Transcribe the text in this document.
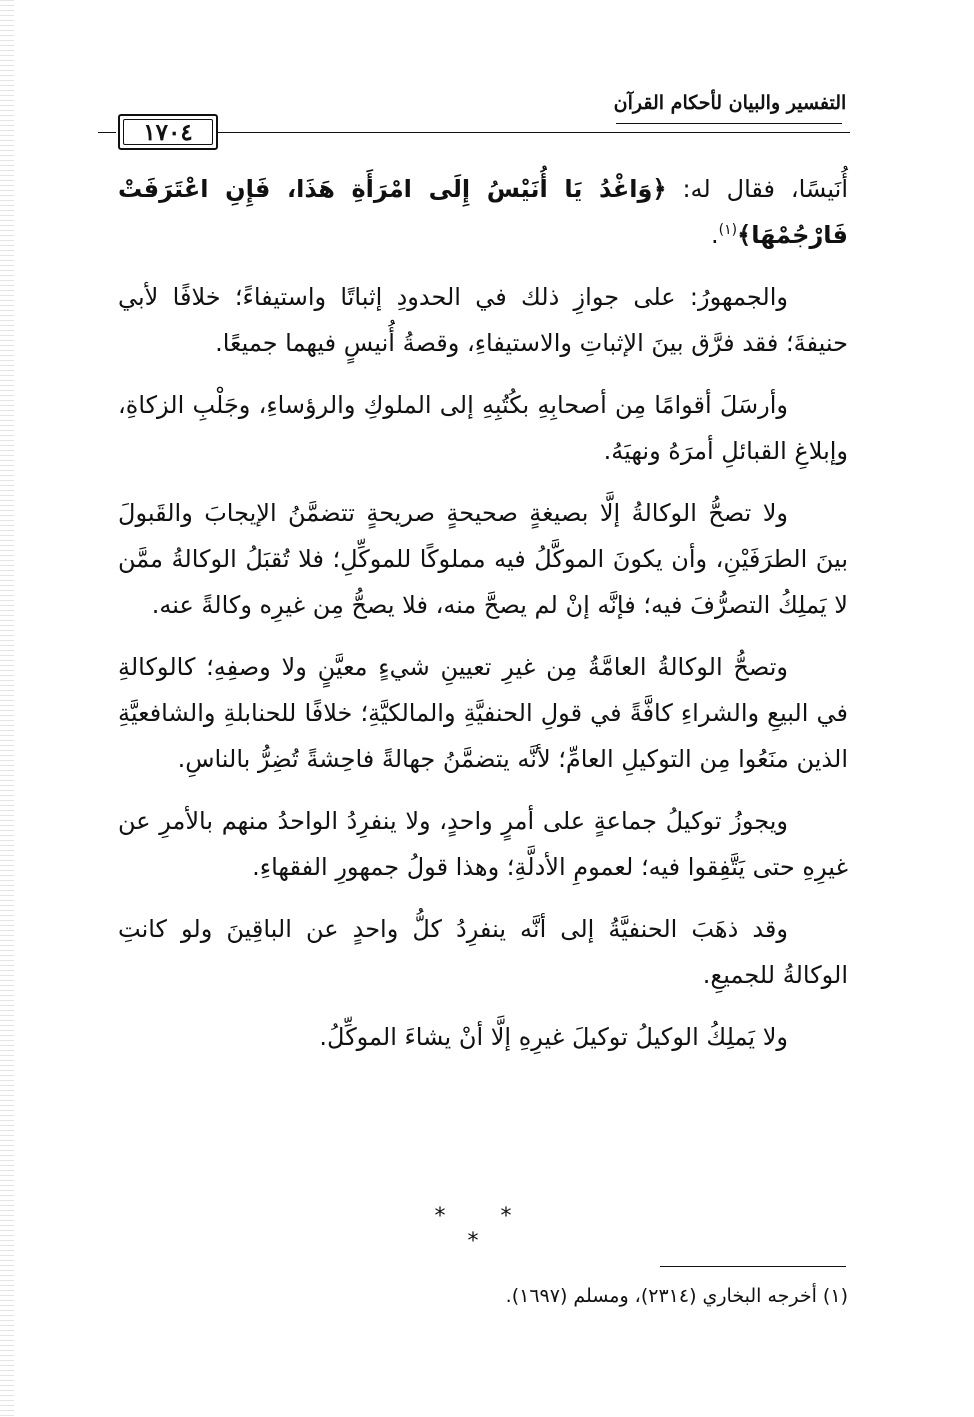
١٧٠٤
التفسير والبيان لأحكام القرآن

أُنَيسًا، فقال له: ﴿وَاغْدُ يَا أُنَيْسُ إِلَى امْرَأَةِ هَذَا، فَإِنِ اعْتَرَفَتْ فَارْجُمْهَا﴾$^{(١)}$.

والجمهورُ: على جوازِ ذلك في الحدودِ إثباتًا واستيفاءً؛ خلافًا لأبي حنيفةَ؛ فقد فرَّق بينَ الإثباتِ والاستيفاءِ، وقصةُ أُنيسٍ فيهما جميعًا.

وأرسَلَ أقوامًا مِن أصحابِهِ بكُتُبِهِ إلى الملوكِ والرؤساءِ، وجَلْبِ الزكاةِ، وإبلاغِ القبائلِ أمرَهُ ونهيَهُ.

ولا تصحُّ الوكالةُ إلَّا بصيغةٍ صحيحةٍ صريحةٍ تتضمَّنُ الإيجابَ والقَبولَ بينَ الطرَفَيْنِ، وأن يكونَ الموكَّلُ فيه مملوكًا للموكِّلِ؛ فلا تُقبَلُ الوكالةُ ممَّن لا يَملِكُ التصرُّفَ فيه؛ فإنَّه إنْ لم يصحَّ منه، فلا يصحُّ مِن غيرِه وكالةً عنه.

وتصحُّ الوكالةُ العامَّةُ مِن غيرِ تعيينِ شيءٍ معيَّنٍ ولا وصفِهِ؛ كالوكالةِ في البيعِ والشراءِ كافَّةً في قولِ الحنفيَّةِ والمالكيَّةِ؛ خلافًا للحنابلةِ والشافعيَّةِ الذين منَعُوا مِن التوكيلِ العامِّ؛ لأنَّه يتضمَّنُ جهالةً فاحِشةً تُضِرُّ بالناسِ.

ويجوزُ توكيلُ جماعةٍ على أمرٍ واحدٍ، ولا ينفرِدُ الواحدُ منهم بالأمرِ عن غيرِهِ حتى يَتَّفِقوا فيه؛ لعمومِ الأدلَّةِ؛ وهذا قولُ جمهورِ الفقهاءِ.

وقد ذهَبَ الحنفيَّةُ إلى أنَّه ينفرِدُ كلُّ واحدٍ عن الباقِينَ ولو كانتِ الوكالةُ للجميعِ.

ولا يَملِكُ الوكيلُ توكيلَ غيرِهِ إلَّا أنْ يشاءَ الموكِّلُ.

* * *
(١) أخرجه البخاري (٢٣١٤)، ومسلم (١٦٩٧).
